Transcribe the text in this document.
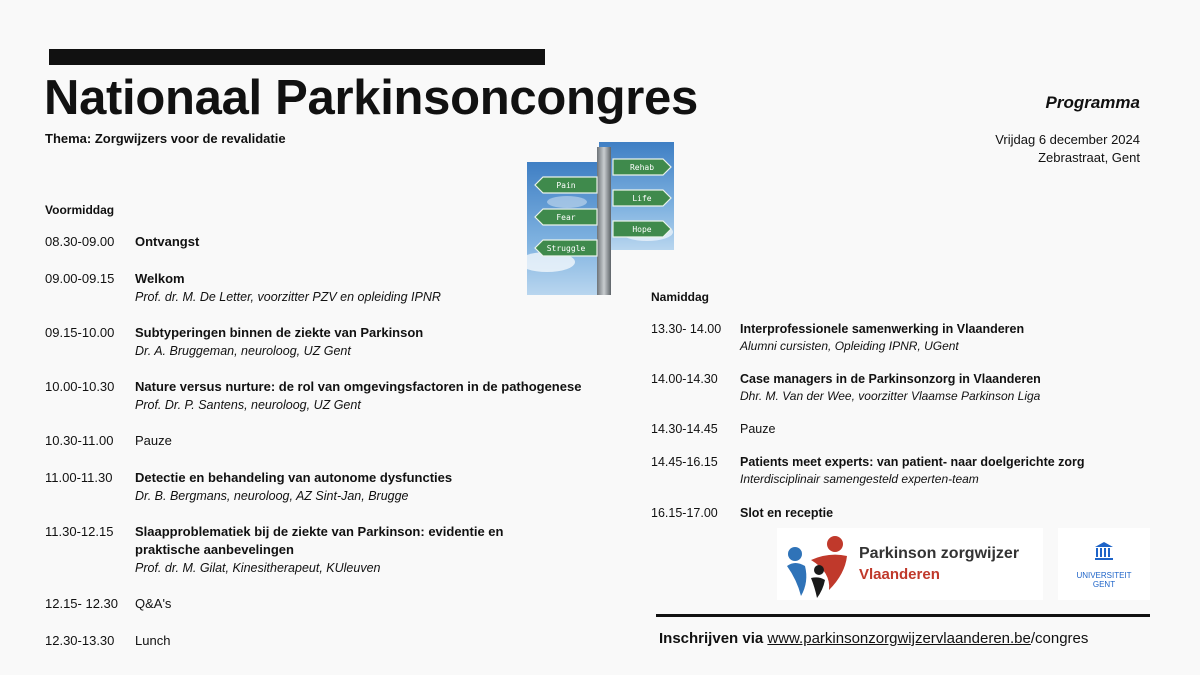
Nationaal Parkinsoncongres
Thema: Zorgwijzers voor de revalidatie
Programma
Vrijdag 6 december 2024
Zebrastraat, Gent
Pain
Fear
Struggle
Rehab
Life
Hope
Voormiddag
08.30-09.00 Ontvangst
09.00-09.15 Welkom
Prof. dr. M. De Letter, voorzitter PZV en opleiding IPNR
09.15-10.00 Subtyperingen binnen de ziekte van Parkinson
Dr. A. Bruggeman, neuroloog, UZ Gent
10.00-10.30 Nature versus nurture: de rol van omgevingsfactoren in de pathogenese
Prof. Dr. P. Santens, neuroloog, UZ Gent
10.30-11.00 Pauze
11.00-11.30 Detectie en behandeling van autonome dysfuncties
Dr. B. Bergmans, neuroloog, AZ Sint-Jan, Brugge
11.30-12.15 Slaapproblematiek bij de ziekte van Parkinson: evidentie en
praktische aanbevelingen
Prof. dr. M. Gilat, Kinesitherapeut, KUleuven
12.15- 12.30 Q&A's
12.30-13.30 Lunch
Namiddag
13.30- 14.00 Interprofessionele samenwerking in Vlaanderen
Alumni cursisten, Opleiding IPNR, UGent
14.00-14.30 Case managers in de Parkinsonzorg in Vlaanderen
Dhr. M. Van der Wee, voorzitter Vlaamse Parkinson Liga
14.30-14.45 Pauze
14.45-16.15 Patients meet experts: van patient- naar doelgerichte zorg
Interdisciplinair samengesteld experten-team
16.15-17.00 Slot en receptie
Parkinson zorgwijzer
Vlaanderen	UNIVERSITEIT
GENT
Inschrijven via www.parkinsonzorgwijzervlaanderen.be/congres
